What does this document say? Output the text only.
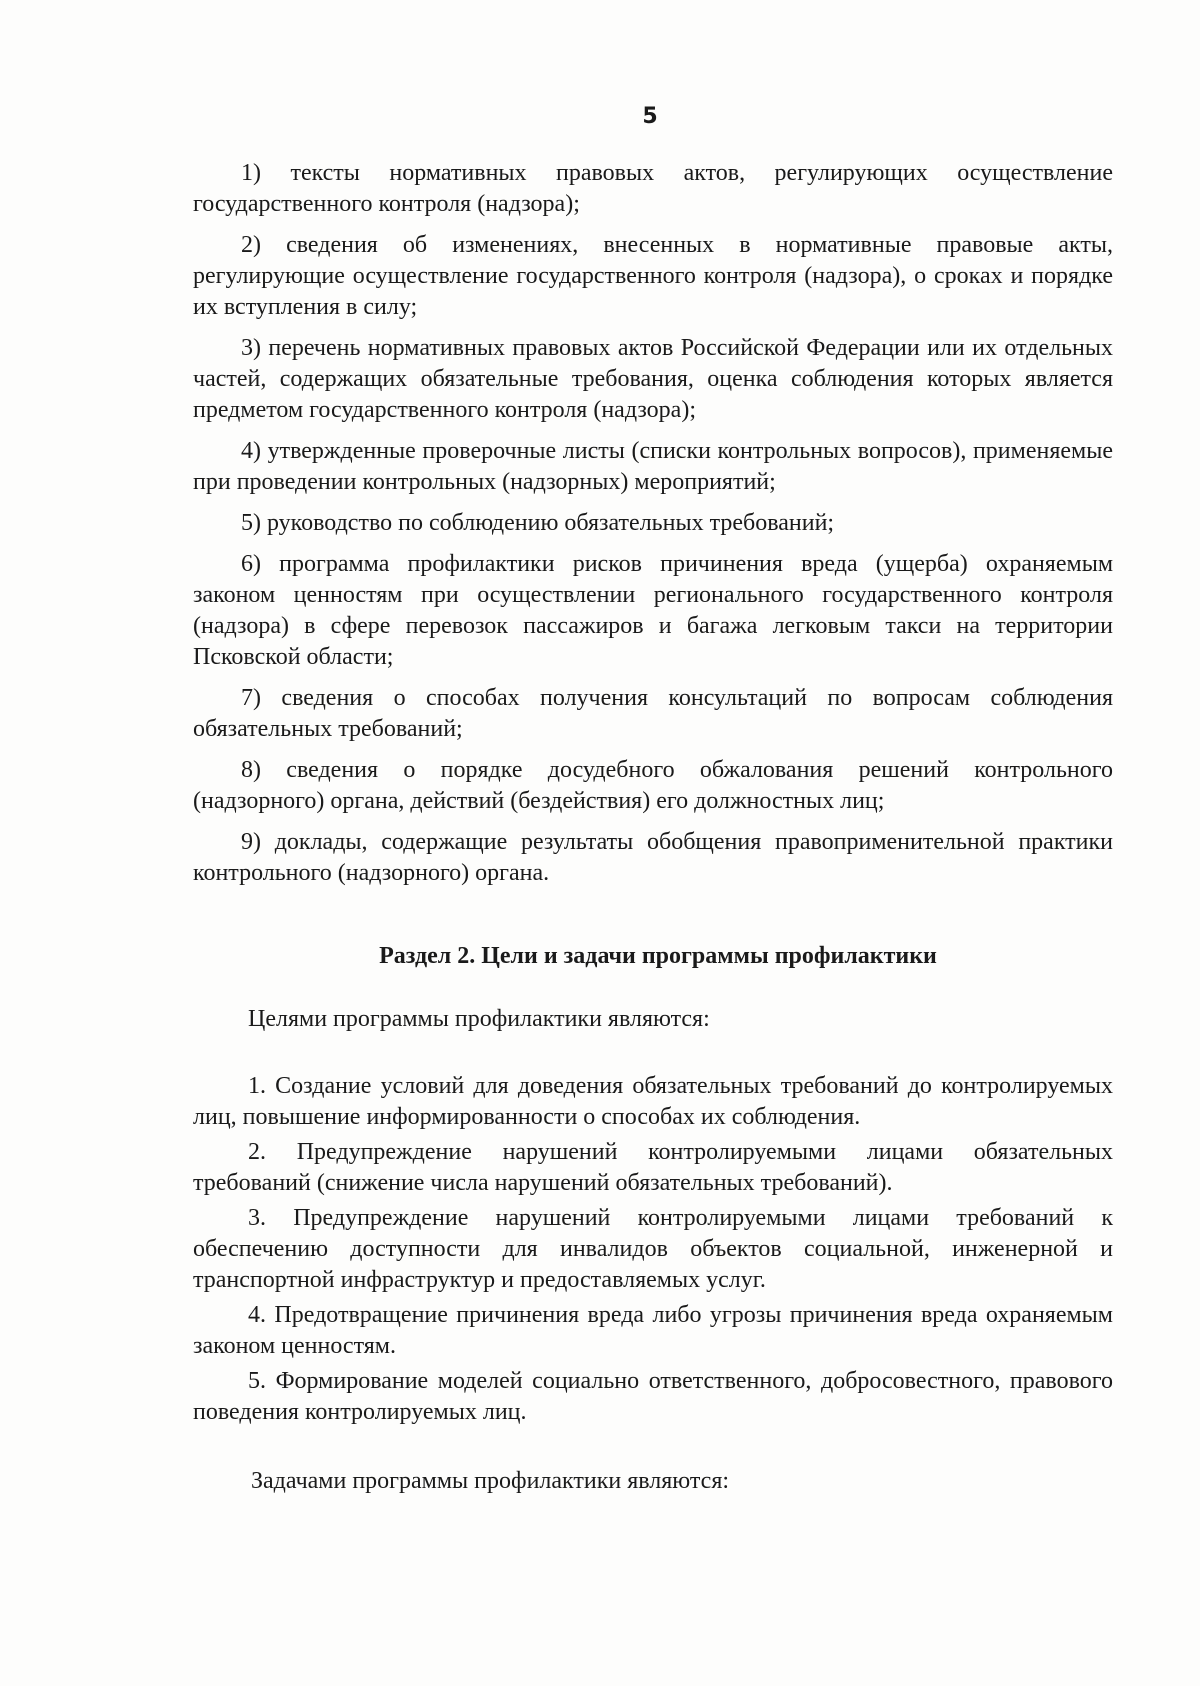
5

1) тексты нормативных правовых актов, регулирующих осуществление государственного контроля (надзора);

2) сведения об изменениях, внесенных в нормативные правовые акты, регулирующие осуществление государственного контроля (надзора), о сроках и порядке их вступления в силу;

3) перечень нормативных правовых актов Российской Федерации или их отдельных частей, содержащих обязательные требования, оценка соблюдения которых является предметом государственного контроля (надзора);

4) утвержденные проверочные листы (списки контрольных вопросов), применяемые при проведении контрольных (надзорных) мероприятий;

5) руководство по соблюдению обязательных требований;

6) программа профилактики рисков причинения вреда (ущерба) охраняемым законом ценностям при осуществлении регионального государственного контроля (надзора) в сфере перевозок пассажиров и багажа легковым такси на территории Псковской области;

7) сведения о способах получения консультаций по вопросам соблюдения обязательных требований;

8) сведения о порядке досудебного обжалования решений контрольного (надзорного) органа, действий (бездействия) его должностных лиц;

9) доклады, содержащие результаты обобщения правоприменительной практики контрольного (надзорного) органа.

Раздел 2. Цели и задачи программы профилактики

Целями программы профилактики являются:

1. Создание условий для доведения обязательных требований до контролируемых лиц, повышение информированности о способах их соблюдения.

2. Предупреждение нарушений контролируемыми лицами обязательных требований (снижение числа нарушений обязательных требований).

3. Предупреждение нарушений контролируемыми лицами требований к обеспечению доступности для инвалидов объектов социальной, инженерной и транспортной инфраструктур и предоставляемых услуг.

4. Предотвращение причинения вреда либо угрозы причинения вреда охраняемым законом ценностям.

5. Формирование моделей социально ответственного, добросовестного, правового поведения контролируемых лиц.

Задачами программы профилактики являются:
